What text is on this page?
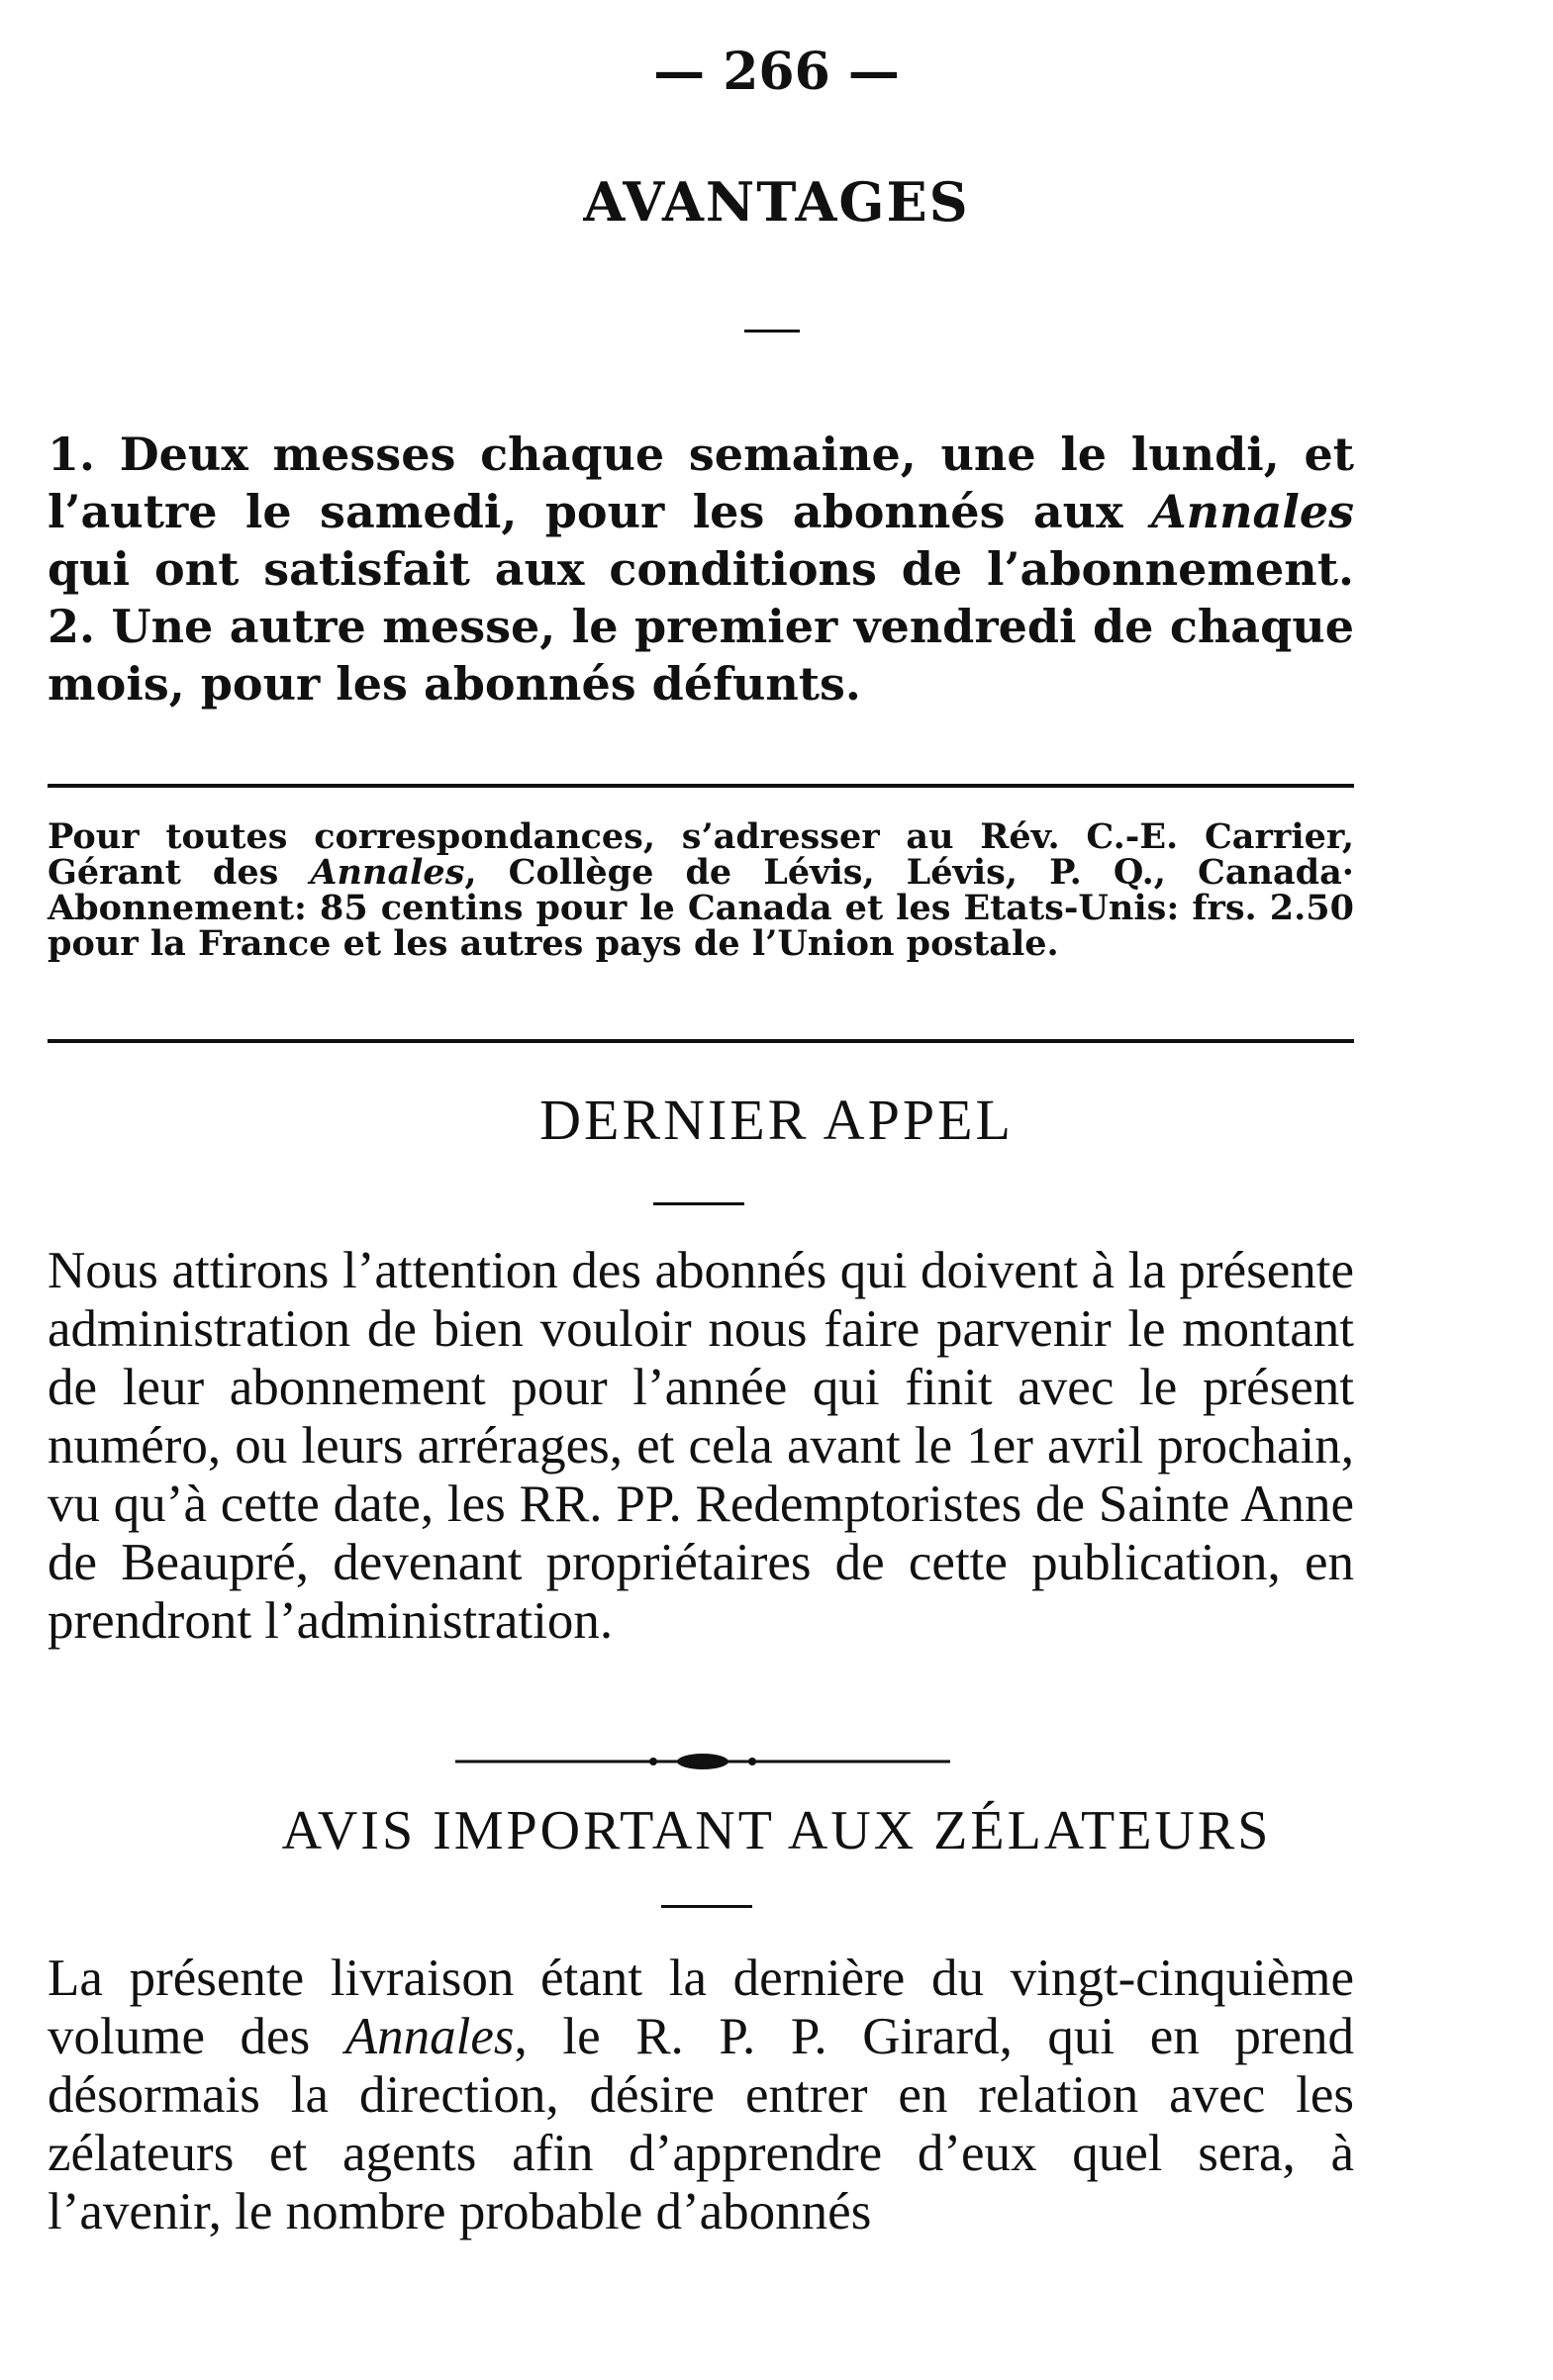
— 266 —
AVANTAGES
1. Deux messes chaque semaine, une le lundi, et l’autre le samedi, pour les abonnés aux Annales qui ont satisfait aux conditions de l’abonnement. 2. Une autre messe, le premier vendredi de chaque mois, pour les abonnés défunts.
Pour toutes correspondances, s’adresser au Rév. C.-E. Carrier, Gérant des Annales, Collège de Lévis, Lévis, P. Q., Canada· Abonnement: 85 centins pour le Canada et les Etats-Unis: frs. 2.50 pour la France et les autres pays de l’Union postale.
DERNIER APPEL
Nous attirons l’attention des abonnés qui doivent à la présente administration de bien vouloir nous faire parvenir le montant de leur abonnement pour l’année qui finit avec le présent numéro, ou leurs arrérages, et cela avant le 1er avril prochain, vu qu’à cette date, les RR. PP. Redemptoristes de Sainte Anne de Beaupré, devenant propriétaires de cette publication, en prendront l’administration.
AVIS IMPORTANT AUX ZÉLATEURS
La présente livraison étant la dernière du vingt-cinquième volume des Annales, le R. P. P. Girard, qui en prend désormais la direction, désire entrer en relation avec les zélateurs et agents afin d’apprendre d’eux quel sera, à l’avenir, le nombre probable d’abonnés
